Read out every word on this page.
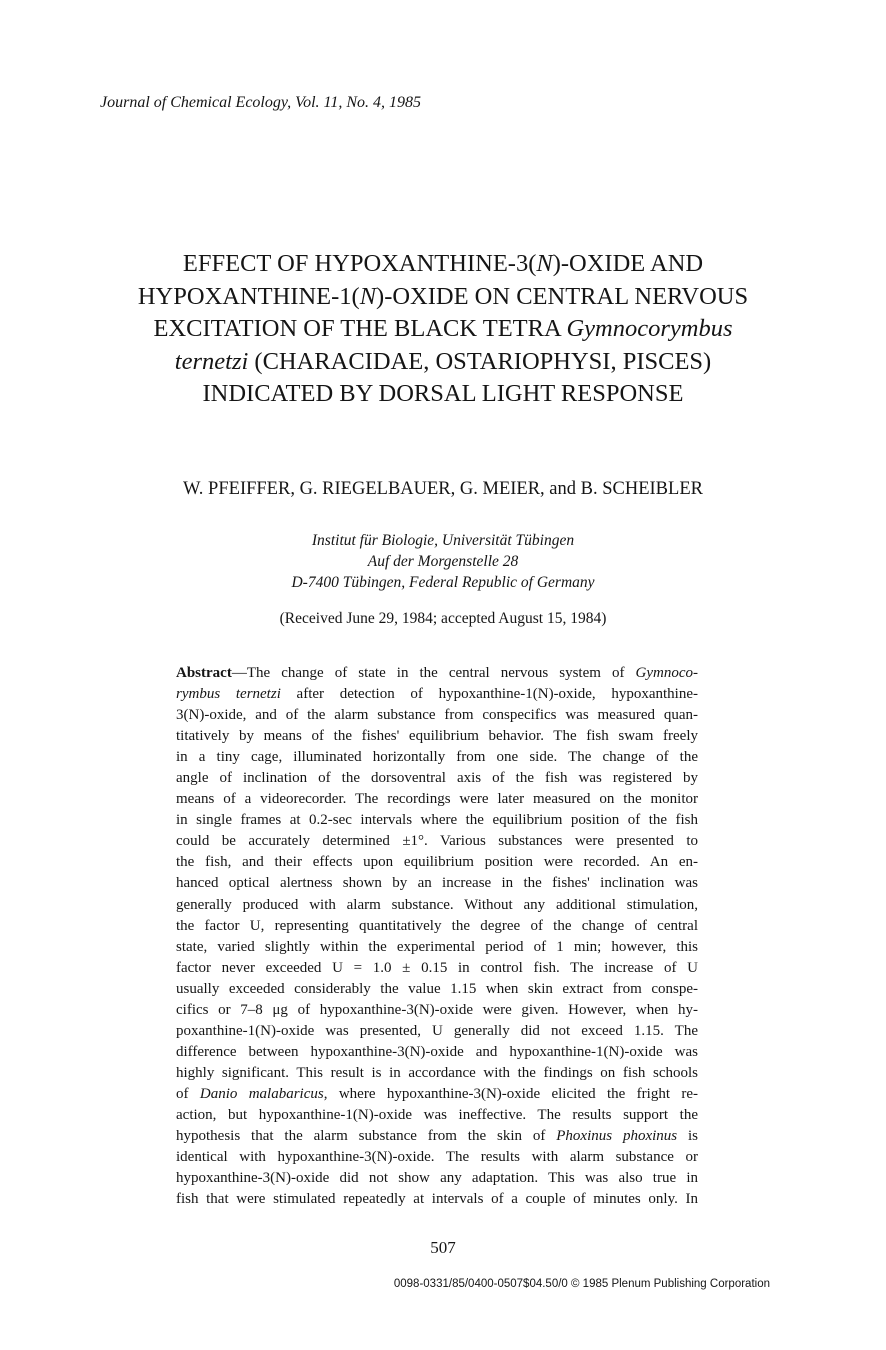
Journal of Chemical Ecology, Vol. 11, No. 4, 1985
EFFECT OF HYPOXANTHINE-3(N)-OXIDE AND
HYPOXANTHINE-1(N)-OXIDE ON CENTRAL NERVOUS
EXCITATION OF THE BLACK TETRA Gymnocorymbus
ternetzi (CHARACIDAE, OSTARIOPHYSI, PISCES)
INDICATED BY DORSAL LIGHT RESPONSE
W. PFEIFFER, G. RIEGELBAUER, G. MEIER, and B. SCHEIBLER
Institut für Biologie, Universität Tübingen
Auf der Morgenstelle 28
D-7400 Tübingen, Federal Republic of Germany
(Received June 29, 1984; accepted August 15, 1984)
Abstract—The change of state in the central nervous system of Gymnoco-
rymbus ternetzi after detection of hypoxanthine-1(N)-oxide, hypoxanthine-
3(N)-oxide, and of the alarm substance from conspecifics was measured quan-
titatively by means of the fishes' equilibrium behavior. The fish swam freely
in a tiny cage, illuminated horizontally from one side. The change of the
angle of inclination of the dorsoventral axis of the fish was registered by
means of a videorecorder. The recordings were later measured on the monitor
in single frames at 0.2-sec intervals where the equilibrium position of the fish
could be accurately determined ±1°. Various substances were presented to
the fish, and their effects upon equilibrium position were recorded. An en-
hanced optical alertness shown by an increase in the fishes' inclination was
generally produced with alarm substance. Without any additional stimulation,
the factor U, representing quantitatively the degree of the change of central
state, varied slightly within the experimental period of 1 min; however, this
factor never exceeded U = 1.0 ± 0.15 in control fish. The increase of U
usually exceeded considerably the value 1.15 when skin extract from conspe-
cifics or 7–8 μg of hypoxanthine-3(N)-oxide were given. However, when hy-
poxanthine-1(N)-oxide was presented, U generally did not exceed 1.15. The
difference between hypoxanthine-3(N)-oxide and hypoxanthine-1(N)-oxide was
highly significant. This result is in accordance with the findings on fish schools
of Danio malabaricus, where hypoxanthine-3(N)-oxide elicited the fright re-
action, but hypoxanthine-1(N)-oxide was ineffective. The results support the
hypothesis that the alarm substance from the skin of Phoxinus phoxinus is
identical with hypoxanthine-3(N)-oxide. The results with alarm substance or
hypoxanthine-3(N)-oxide did not show any adaptation. This was also true in
fish that were stimulated repeatedly at intervals of a couple of minutes only. In
507
0098-0331/85/0400-0507$04.50/0 © 1985 Plenum Publishing Corporation
